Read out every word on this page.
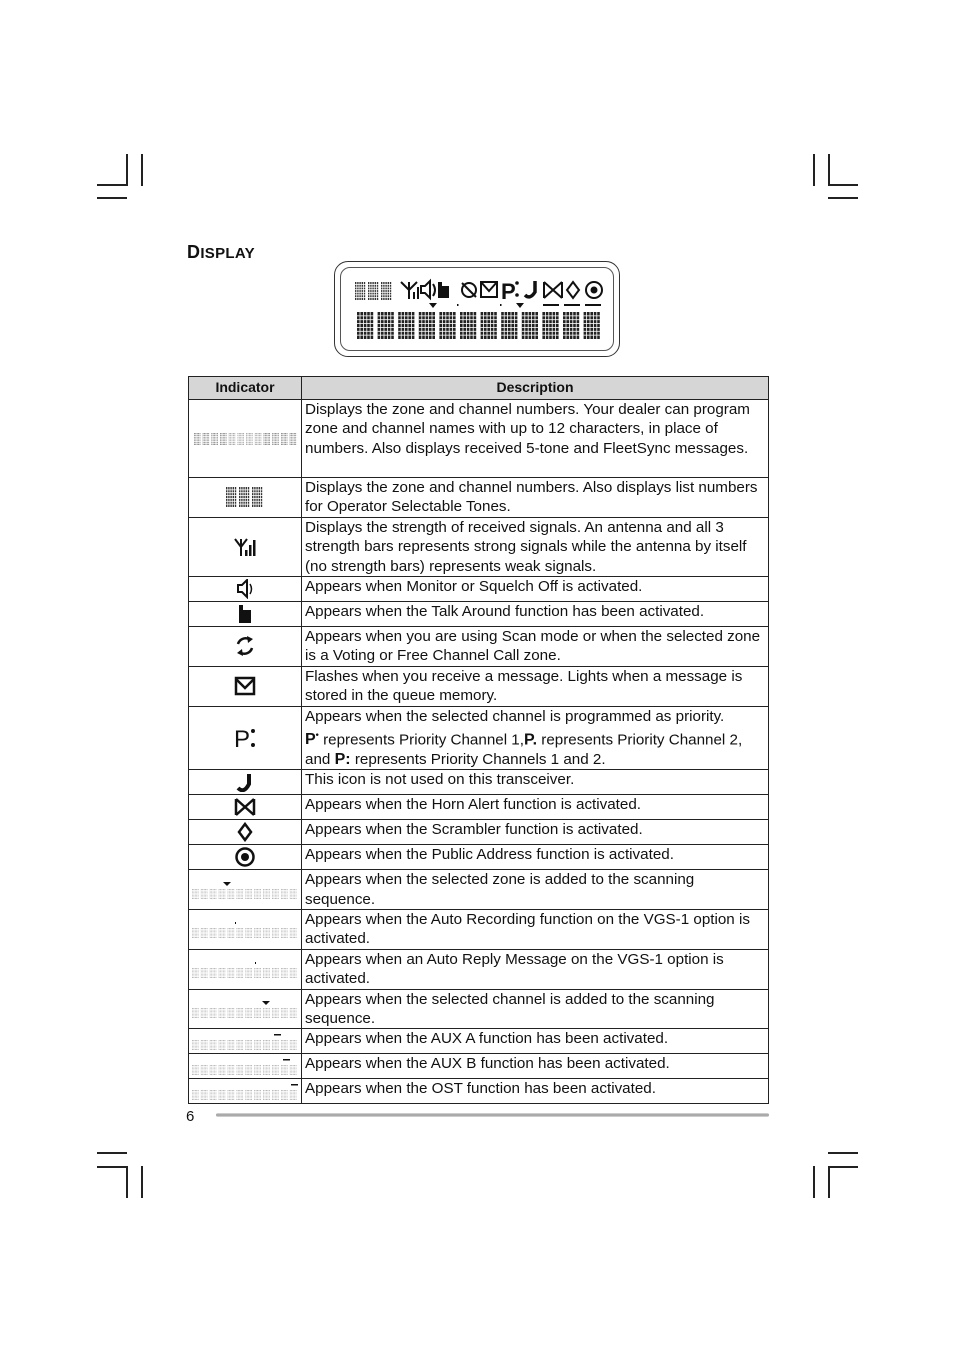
DISPLAY
P
Indicator	Description
	Displays the zone and channel numbers. Your dealer can program zone and channel names with up to 12 characters, in place of numbers. Also displays received 5-tone and FleetSync messages.
	Displays the zone and channel numbers. Also displays list numbers for Operator Selectable Tones.
	Displays the strength of received signals. An antenna and all 3 strength bars represents strong signals while the antenna by itself (no strength bars) represents weak signals.
	Appears when Monitor or Squelch Off is activated.
	Appears when the Talk Around function has been activated.
	Appears when you are using Scan mode or when the selected zone is a Voting or Free Channel Call zone.
	Flashes when you receive a message. Lights when a message is stored in the queue memory.

P	Appears when the selected channel is programmed as priority.
P• represents Priority Channel 1,P. represents Priority Channel 2, and P: represents Priority Channels 1 and 2.
	This icon is not used on this transceiver.
	Appears when the Horn Alert function is activated.
	Appears when the Scrambler function is activated.
	Appears when the Public Address function is activated.
	Appears when the selected zone is added to the scanning sequence.
	Appears when the Auto Recording function on the VGS-1 option is activated.
	Appears when an Auto Reply Message on the VGS-1 option is activated.
	Appears when the selected channel is added to the scanning sequence.
	Appears when the AUX A function has been activated.
	Appears when the AUX B function has been activated.
	Appears when the OST function has been activated.
6
